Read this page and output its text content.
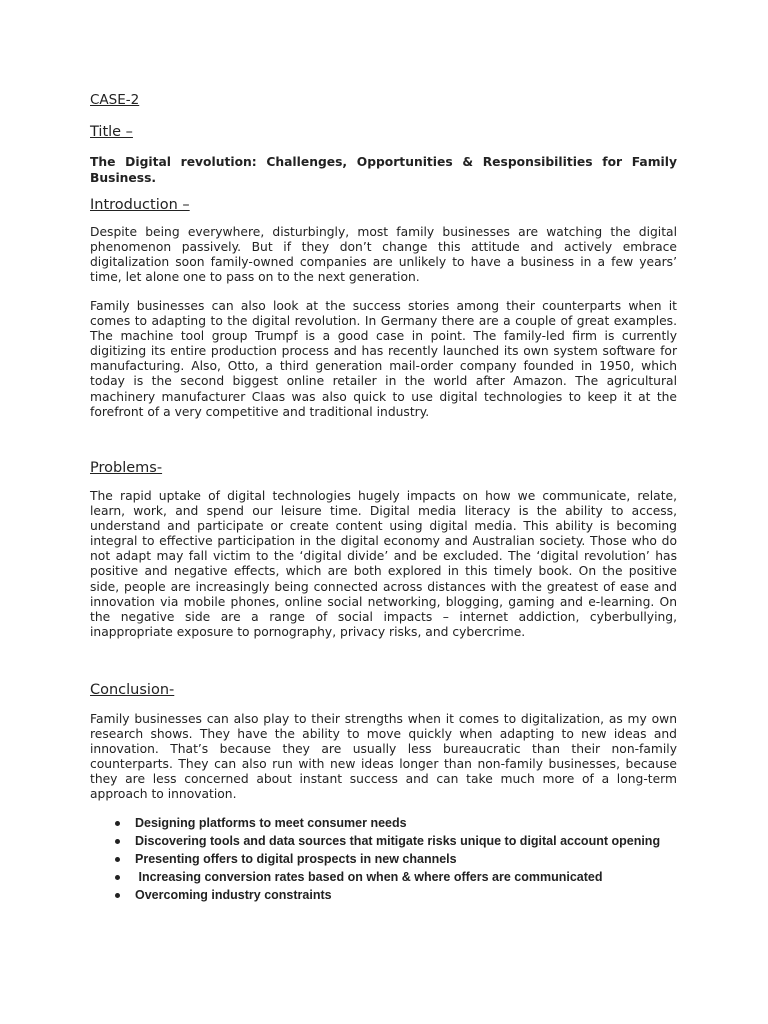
CASE-2
Title –

The Digital revolution: Challenges, Opportunities & Responsibilities for Family Business.

Introduction –

Despite being everywhere, disturbingly, most family businesses are watching the digital phenomenon passively. But if they don’t change this attitude and actively embrace digitalization soon family-owned companies are unlikely to have a business in a few years’ time, let alone one to pass on to the next generation.

Family businesses can also look at the success stories among their counterparts when it comes to adapting to the digital revolution. In Germany there are a couple of great examples. The machine tool group Trumpf is a good case in point. The family-led firm is currently digitizing its entire production process and has recently launched its own system software for manufacturing. Also, Otto, a third generation mail-order company founded in 1950, which today is the second biggest online retailer in the world after Amazon. The agricultural machinery manufacturer Claas was also quick to use digital technologies to keep it at the forefront of a very competitive and traditional industry.

Problems-

The rapid uptake of digital technologies hugely impacts on how we communicate, relate, learn, work, and spend our leisure time. Digital media literacy is the ability to access, understand and participate or create content using digital media. This ability is becoming integral to effective participation in the digital economy and Australian society. Those who do not adapt may fall victim to the ‘digital divide’ and be excluded. The ‘digital revolution’ has positive and negative effects, which are both explored in this timely book. On the positive side, people are increasingly being connected across distances with the greatest of ease and innovation via mobile phones, online social networking, blogging, gaming and e-learning. On the negative side are a range of social impacts – internet addiction, cyberbullying, inappropriate exposure to pornography, privacy risks, and cybercrime.

Conclusion-

Family businesses can also play to their strengths when it comes to digitalization, as my own research shows. They have the ability to move quickly when adapting to new ideas and innovation. That’s because they are usually less bureaucratic than their non-family counterparts. They can also run with new ideas longer than non-family businesses, because they are less concerned about instant success and can take much more of a long-term approach to innovation.

Designing platforms to meet consumer needs
Discovering tools and data sources that mitigate risks unique to digital account opening
Presenting offers to digital prospects in new channels
Increasing conversion rates based on when & where offers are communicated
Overcoming industry constraints
